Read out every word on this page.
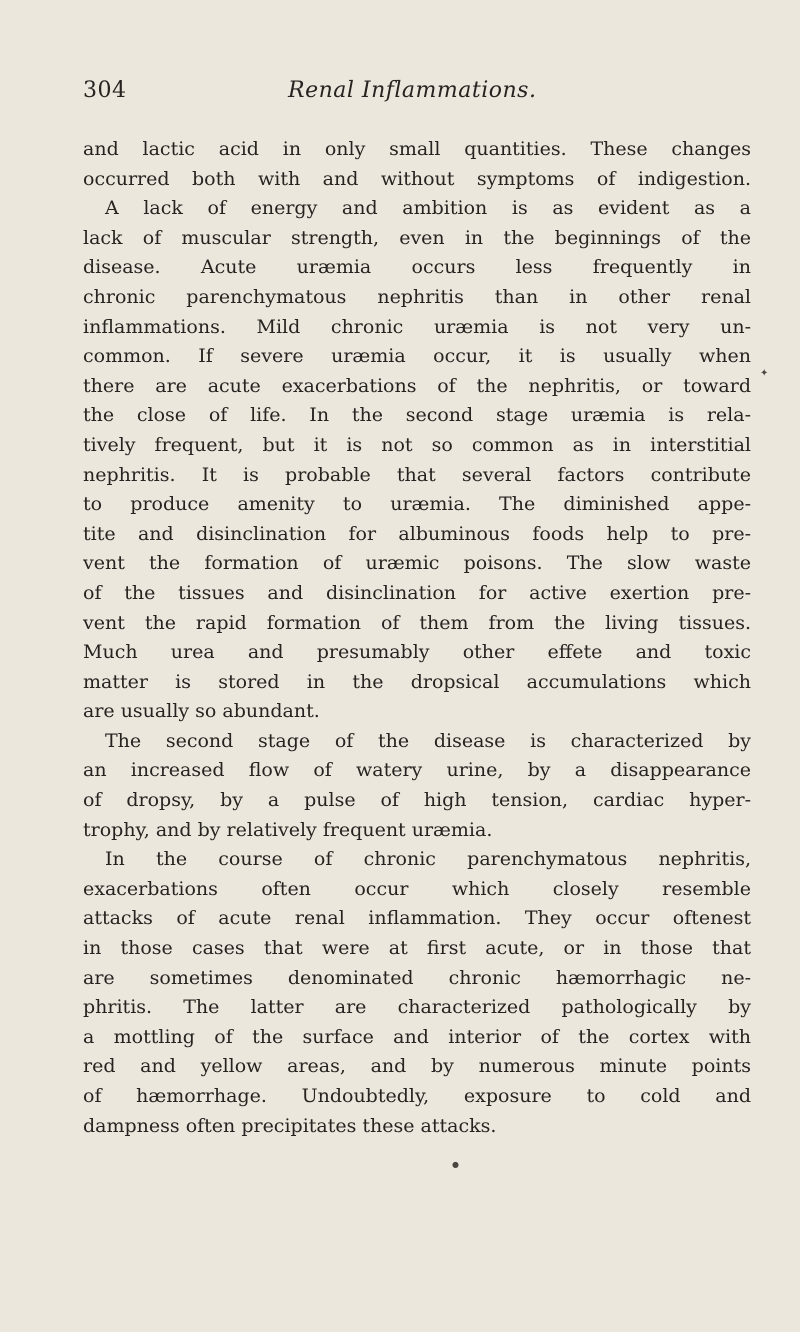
304	Renal Inflammations.
and lactic acid in only small quantities. These changes
occurred both with and without symptoms of indigestion.
A lack of energy and ambition is as evident as a
lack of muscular strength, even in the beginnings of the
disease. Acute uræmia occurs less frequently in
chronic parenchymatous nephritis than in other renal
inflammations. Mild chronic uræmia is not very un-
common. If severe uræmia occur, it is usually when
there are acute exacerbations of the nephritis, or toward
the close of life. In the second stage uræmia is rela-
tively frequent, but it is not so common as in interstitial
nephritis. It is probable that several factors contribute
to produce amenity to uræmia. The diminished appe-
tite and disinclination for albuminous foods help to pre-
vent the formation of uræmic poisons. The slow waste
of the tissues and disinclination for active exertion pre-
vent the rapid formation of them from the living tissues.
Much urea and presumably other effete and toxic
matter is stored in the dropsical accumulations which
are usually so abundant.
The second stage of the disease is characterized by
an increased flow of watery urine, by a disappearance
of dropsy, by a pulse of high tension, cardiac hyper-
trophy, and by relatively frequent uræmia.
In the course of chronic parenchymatous nephritis,
exacerbations often occur which closely resemble
attacks of acute renal inflammation. They occur oftenest
in those cases that were at first acute, or in those that
are sometimes denominated chronic hæmorrhagic ne-
phritis. The latter are characterized pathologically by
a mottling of the surface and interior of the cortex with
red and yellow areas, and by numerous minute points
of hæmorrhage. Undoubtedly, exposure to cold and
dampness often precipitates these attacks.
✦
●
